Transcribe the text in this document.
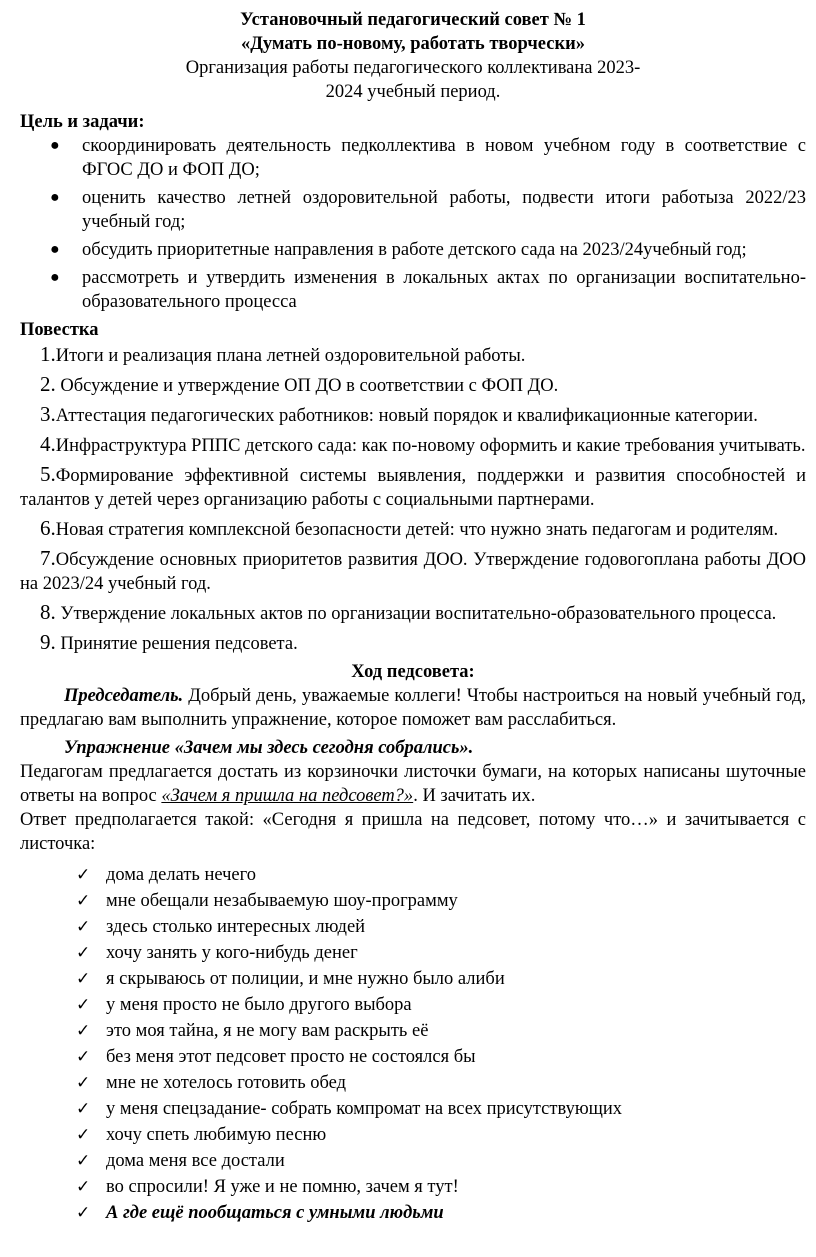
Установочный педагогический совет № 1
«Думать по-новому, работать творчески»
Организация работы педагогического коллективана 2023-
2024 учебный период.
Цель и задачи:
● скоординировать деятельность педколлектива в новом учебном году в соответствие с ФГОС ДО и ФОП ДО;
● оценить качество летней оздоровительной работы, подвести итоги работыза 2022/23 учебный год;
● обсудить приоритетные направления в работе детского сада на 2023/24учебный год;
● рассмотреть и утвердить изменения в локальных актах по организации воспитательно-образовательного процесса
Повестка
1.Итоги и реализация плана летней оздоровительной работы.
2. Обсуждение и утверждение ОП ДО в соответствии с ФОП ДО.
3.Аттестация педагогических работников: новый порядок и квалификационные категории.
4.Инфраструктура РППС детского сада: как по-новому оформить и какие требования учитывать.
5.Формирование эффективной системы выявления, поддержки и развития способностей и талантов у детей через организацию работы с социальными партнерами.
6.Новая стратегия комплексной безопасности детей: что нужно знать педагогам и родителям.
7.Обсуждение основных приоритетов развития ДОО. Утверждение годовогоплана работы ДОО на 2023/24 учебный год.
8. Утверждение локальных актов по организации воспитательно-образовательного процесса.
9. Принятие решения педсовета.
Ход педсовета:
Председатель. Добрый день, уважаемые коллеги! Чтобы настроиться на новый учебный год, предлагаю вам выполнить упражнение, которое поможет вам расслабиться.
Упражнение «Зачем мы здесь сегодня собрались».
Педагогам предлагается достать из корзиночки листочки бумаги, на которых написаны шуточные ответы на вопрос «Зачем я пришла на педсовет?». И зачитать их.
Ответ предполагается такой: «Сегодня я пришла на педсовет, потому что…» и зачитывается с листочка:
✓ дома делать нечего
✓ мне обещали незабываемую шоу-программу
✓ здесь столько интересных людей
✓ хочу занять у кого-нибудь денег
✓ я скрываюсь от полиции, и мне нужно было алиби
✓ у меня просто не было другого выбора
✓ это моя тайна, я не могу вам раскрыть её
✓ без меня этот педсовет просто не состоялся бы
✓ мне не хотелось готовить обед
✓ у меня спецзадание- собрать компромат на всех присутствующих
✓ хочу спеть любимую песню
✓ дома меня все достали
✓ во спросили! Я уже и не помню, зачем я тут!
✓ А где ещё пообщаться с умными людьми
